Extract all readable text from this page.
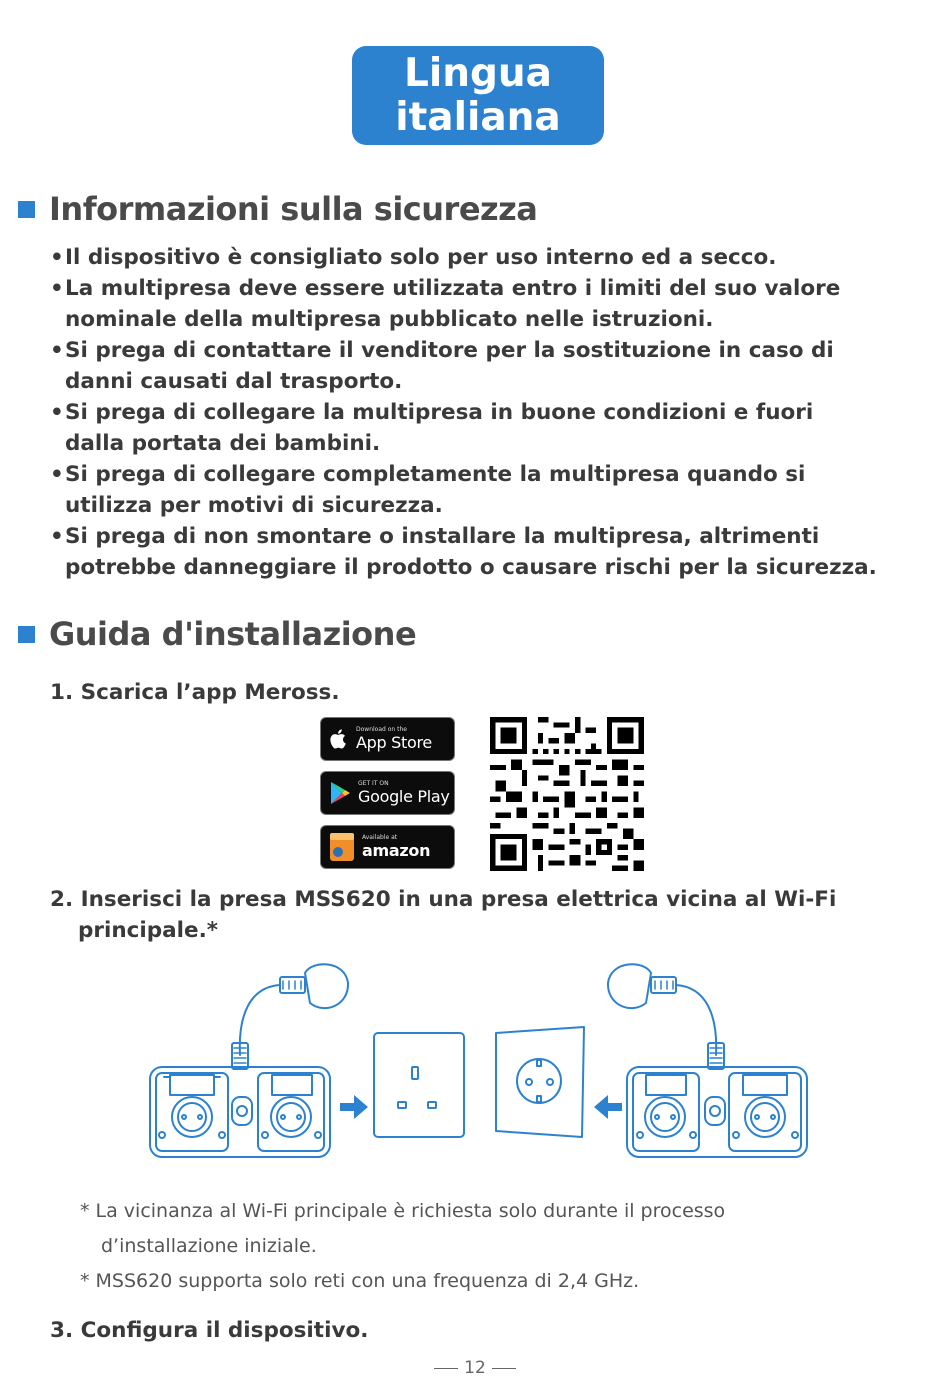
Lingua
italiana
Informazioni sulla sicurezza
• Il dispositivo è consigliato solo per uso interno ed a secco.
• La multipresa deve essere utilizzata entro i limiti del suo valore
nominale della multipresa pubblicato nelle istruzioni.
• Si prega di contattare il venditore per la sostituzione in caso di
danni causati dal trasporto.
• Si prega di collegare la multipresa in buone condizioni e fuori
dalla portata dei bambini.
• Si prega di collegare completamente la multipresa quando si
utilizza per motivi di sicurezza.
• Si prega di non smontare o installare la multipresa, altrimenti
potrebbe danneggiare il prodotto o causare rischi per la sicurezza.
Guida d'installazione
1. Scarica l’app Meross.
Download on the
App Store
GET IT ON
Google Play
Available at
amazon
2. Inserisci la presa MSS620 in una presa elettrica vicina al Wi-Fi
principale.*
* La vicinanza al Wi-Fi principale è richiesta solo durante il processo
d’installazione iniziale.
* MSS620 supporta solo reti con una frequenza di 2,4 GHz.
3. Configura il dispositivo.
12
